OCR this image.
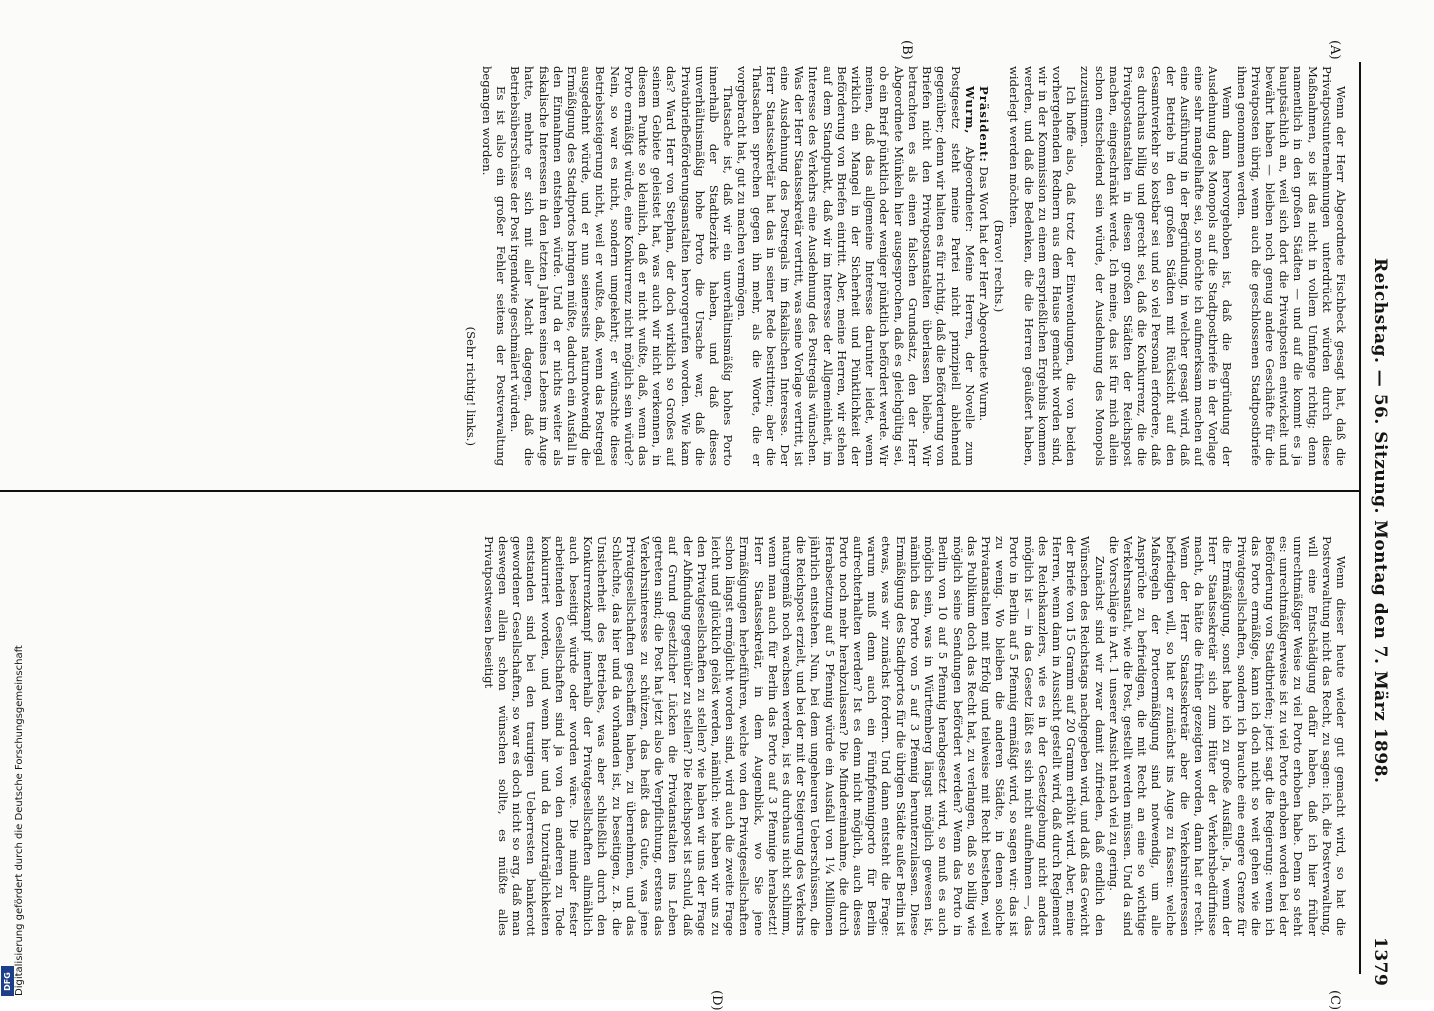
Reichstag. — 56. Sitzung.
Montag den 7. März 1898.
1379
(A)
(B)
(C)
(D)

Wenn dieser heute wieder gut gemacht wird, so hat die Postverwaltung nicht das Recht, zu sagen: ich, die Postverwaltung, will eine Entschädigung dafür haben, daß ich hier früher unrechtmäßiger Weise zu viel Porto erhoben habe. Denn so steht es: unrechtmäßigerweise ist zu viel Porto erhoben worden bei der Beförderung von Stadtbriefen; jetzt sagt die Regierung: wenn ich das Porto ermäßige, kann ich doch nicht so weit gehen wie die Privatgesellschaften, sondern ich brauche eine engere Grenze für die Ermäßigung, sonst habe ich zu große Ausfälle. Ja, wenn der Herr Staatssekretär sich zum Hüter der Verkehrsbedürfnisse macht, da hätte die früher gezeigten worden, dann hat er recht. Wenn der Herr Staatssekretär aber die Verkehrsinteressen befriedigen will, so hat er zunächst ins Auge zu fassen: welche Maßregeln der Portoermäßigung sind notwendig, um alle Ansprüche zu befriedigen, die mit Recht an eine so wichtige Verkehrsanstalt, wie die Post, gestellt werden müssen. Und da sind die Vorschläge in Art. 1 unserer Ansicht nach viel zu gering.

Zunächst sind wir zwar damit zufrieden, daß endlich den Wünschen des Reichstags nachgegeben wird, und daß das Gewicht der Briefe von 15 Gramm auf 20 Gramm erhöht wird. Aber, meine Herren, wenn dann in Aussicht gestellt wird, daß durch Reglement des Reichskanzlers, wie es in der Gesetzgebung nicht anders möglich ist — in das Gesetz läßt es sich nicht aufnehmen —, das Porto in Berlin auf 5 Pfennig ermäßigt wird, so sagen wir: das ist zu wenig. Wo bleiben die anderen Städte, in denen solche Privatanstalten mit Erfolg und teilweise mit Recht bestehen, weil das Publikum doch das Recht hat, zu verlangen, daß so billig wie möglich seine Sendungen befördert werden? Wenn das Porto in Berlin von 10 auf 5 Pfennig herabgesetzt wird, so muß es auch möglich sein, was in Württemberg längst möglich gewesen ist, nämlich das Porto von 5 auf 3 Pfennig herunterzulassen. Diese Ermäßigung des Stadtportos für die übrigen Städte außer Berlin ist etwas, was wir zunächst fordern. Und dann entsteht die Frage: warum muß denn auch ein Fünfpfennigporto für Berlin aufrechterhalten werden? Ist es denn nicht möglich, auch dieses Porto noch mehr herabzulassen? Die Mindereinnahme, die durch Herabsetzung auf 5 Pfennig würde ein Ausfall von 1¼ Millionen jährlich entstehen. Nun, bei dem ungeheuren Ueberschüssen, die die Reichspost erzielt, und bei der mit der Steigerung des Verkehrs naturgemäß noch wachsen werden, ist es durchaus nicht schlimm, wenn man auch für Berlin das Porto auf 3 Pfennige herabsetzt! Herr Staatssekretär, in dem Augenblick, wo Sie jene Ermäßigungen herbeiführen, welche von den Privatgesellschaften schon längst ermöglicht worden sind, wird auch die zweite Frage leicht und glücklich gelöst werden, nämlich: wie haben wir uns zu den Privatgesellschaften zu stellen? wie haben wir uns der Frage der Abfindung gegenüber zu stellen? Die Reichspost ist schuld, daß auf Grund gesetzlicher Lücken die Privatanstalten ins Leben getreten sind; die Post hat jetzt also die Verpflichtung, erstens das Verkehrsinteresse zu schützen, das heißt das Gute, was jene Privatgesellschaften geschaffen haben, zu übernehmen, und das Schlechte, das hier und da vorhanden ist, zu beseitigen, z. B. die Unsicherheit des Betriebes, was aber schließlich durch den Konkurrenzkampf innerhalb der Privatgesellschaften allmählich auch beseitigt würde oder worden wäre. Die minder fester arbeitenden Gesellschaften sind ja von den anderen zu Tode konkurriert worden, und wenn hier und da Unzuträglichkeiten entstanden sind bei den traurigen Ueberresten bankerott gewordener Gesellschaften, so war es doch nicht so arg, daß man deswegen allein schon wünschen sollte, es müßte alles Privatpostwesen beseitigt

Wenn der Herr Abgeordnete Fischbeck gesagt hat, daß die Privatpostunternehmungen unterdrückt würden durch diese Maßnahmen, so ist das nicht in vollem Umfange richtig; denn namentlich in den großen Städten — und auf die kommt es ja hauptsächlich an, weil sich dort die Privatposten entwickelt und bewährt haben — bleiben noch genug andere Geschäfte für die Privatposten übrig, wenn auch die geschlossenen Stadtpostbriefe ihnen genommen werden.

Wenn dann hervorgehoben ist, daß die Begründung der Ausdehnung des Monopols auf die Stadtpostbriefe in der Vorlage eine sehr mangelhafte sei, so möchte ich aufmerksam machen auf eine Ausführung in der Begründung, in welcher gesagt wird, daß der Betrieb in den großen Städten mit Rücksicht auf den Gesamtverkehr so kostbar sei und so viel Personal erfordere, daß es durchaus billig und gerecht sei, daß die Konkurrenz, die die Privatpostanstalten in diesen großen Städten der Reichspost machen, eingeschränkt werde. Ich meine, das ist für mich allein schon entscheidend sein würde, der Ausdehnung des Monopols zuzustimmen.

Ich hoffe also, daß trotz der Einwendungen, die von beiden vorhergehenden Rednern aus dem Hause gemacht worden sind, wir in der Kommission zu einem ersprießlichen Ergebnis kommen werden, und daß die Bedenken, die die Herren geäußert haben, widerlegt werden möchten.

(Bravo! rechts.)

Präsident: Das Wort hat der Herr Abgeordnete Wurm.

Wurm, Abgeordneter: Meine Herren, der Novelle zum Postgesetz steht meine Partei nicht prinzipiell ablehnend gegenüber; denn wir halten es für richtig, daß die Beförderung von Briefen nicht den Privatpostanstalten überlassen bleibe. Wir betrachten es als einen falschen Grundsatz, den der Herr Abgeordnete Münkeln hier ausgesprochen, daß es gleichgültig sei, ob ein Brief pünktlich oder weniger pünktlich befördert werde. Wir meinen, daß das allgemeine Interesse darunter leidet, wenn wirklich ein Mangel in der Sicherheit und Pünktlichkeit der Beförderung von Briefen eintritt. Aber, meine Herren, wir stehen auf dem Standpunkt, daß wir im Interesse der Allgemeinheit, im Interesse des Verkehrs eine Ausdehnung des Postregals wünschen. Was der Herr Staatssekretär vertritt, was seine Vorlage vertritt, ist eine Ausdehnung des Postregals im fiskalischen Interesse. Der Herr Staatssekretär hat das in seiner Rede bestritten; aber die Thatsachen sprechen gegen ihn mehr, als die Worte, die er vorgebracht hat, gut zu machen vermögen.

Thatsache ist, daß wir ein unverhältnismäßig hohes Porto innerhalb der Stadtbezirke haben, und daß dieses unverhältnismäßig hohe Porto die Ursache war, daß die Privatbriefbeförderungsanstalten hervorgerufen worden. Wie kam das? Ward Herr von Stephan, der doch wirklich so Großes auf seinem Gebiete geleistet hat, was auch wir nicht verkennen, in diesem Punkte so kleinlich, daß er nicht wußte, daß, wenn das Porto ermäßigt würde, eine Konkurrenz nicht möglich sein würde? Nein, so war es nicht, sondern umgekehrt; er wünschte diese Betriebssteigerung nicht, weil er wußte, daß, wenn das Postregal ausgedehnt würde, und er nun seinerseits naturnotwendig die Ermäßigung des Stadtportos bringen müßte, dadurch ein Ausfall in den Einnahmen entstehen würde. Und da er nichts weiter als fiskalische Interessen in den letzten Jahren seines Lebens im Auge hatte, mehrte er sich mit aller Macht dagegen, daß die Betriebsüberschüsse der Post irgendwie geschmälert würden.

Es ist also ein großer Fehler seitens der Postverwaltung begangen worden.

(Sehr richtig! links.)

Digitalisierung gefördert durch die Deutsche Forschungsgemeinschaft
DFG
